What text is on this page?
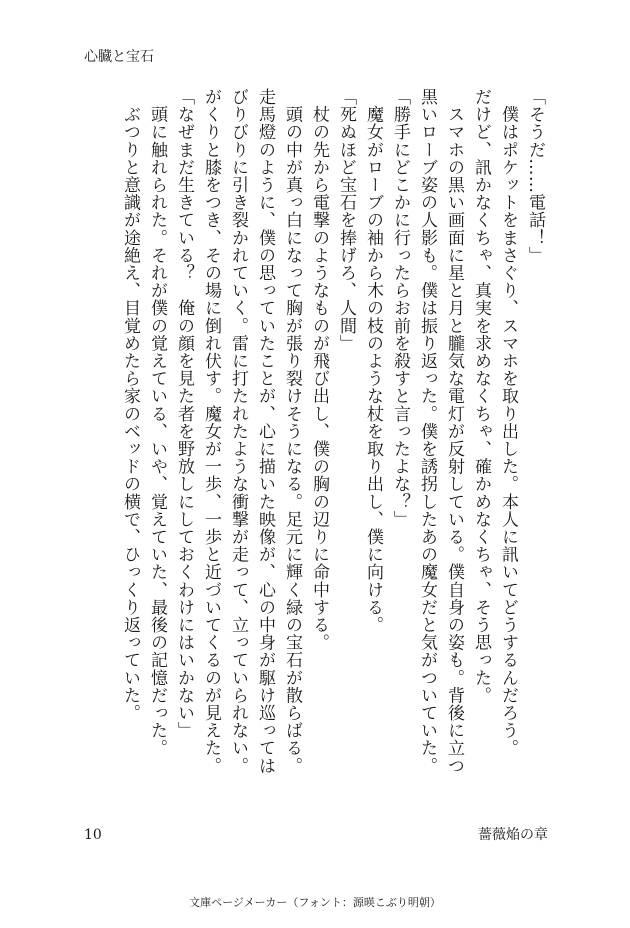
心臓と宝石
「そうだ……電話！」
　僕はポケットをまさぐり、スマホを取り出した。本人に訊いてどうするんだろう。
だけど、訊かなくちゃ、真実を求めなくちゃ、確かめなくちゃ、そう思った。
　スマホの黒い画面に星と月と朧気な電灯が反射している。僕自身の姿も。背後に立つ
黒いローブ姿の人影も。僕は振り返った。僕を誘拐したあの魔女だと気がついていた。
「勝手にどこかに行ったらお前を殺すと言ったよな？」
　魔女がローブの袖から木の枝のような杖を取り出し、僕に向ける。
「死ぬほど宝石を捧げろ、人間」
　杖の先から電撃のようなものが飛び出し、僕の胸の辺りに命中する。
　頭の中が真っ白になって胸が張り裂けそうになる。足元に輝く緑の宝石が散らばる。
走馬燈のように、僕の思っていたことが、心に描いた映像が、心の中身が駆け巡っては
びりびりに引き裂かれていく。雷に打たれたような衝撃が走って、立っていられない。
がくりと膝をつき、その場に倒れ伏す。魔女が一歩、一歩と近づいてくるのが見えた。
「なぜまだ生きている？　俺の顔を見た者を野放しにしておくわけにはいかない」
　頭に触れられた。それが僕の覚えている、いや、覚えていた、最後の記憶だった。
　ぶつりと意識が途絶え、目覚めたら家のベッドの横で、ひっくり返っていた。
10	薔薇焔の章
文庫ページメーカー（フォント：源暎こぶり明朝）
